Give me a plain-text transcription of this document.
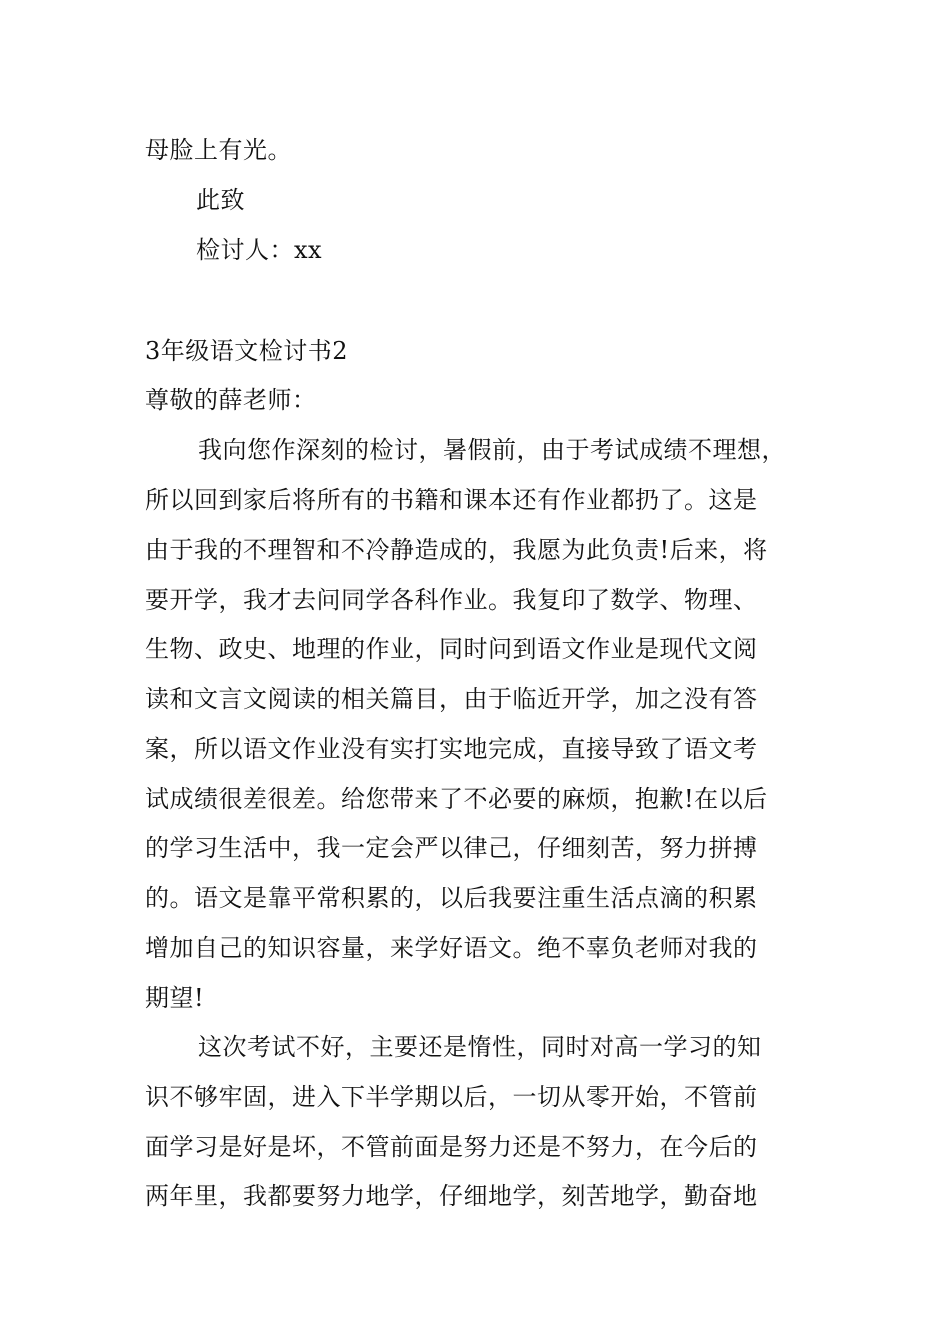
母脸上有光。
此致
检讨人：xx
3年级语文检讨书2
尊敬的薛老师：
我向您作深刻的检讨，暑假前，由于考试成绩不理想，
所以回到家后将所有的书籍和课本还有作业都扔了。这是
由于我的不理智和不冷静造成的，我愿为此负责!后来，将
要开学，我才去问同学各科作业。我复印了数学、物理、
生物、政史、地理的作业，同时问到语文作业是现代文阅
读和文言文阅读的相关篇目，由于临近开学，加之没有答
案，所以语文作业没有实打实地完成，直接导致了语文考
试成绩很差很差。给您带来了不必要的麻烦，抱歉!在以后
的学习生活中，我一定会严以律己，仔细刻苦，努力拼搏
的。语文是靠平常积累的，以后我要注重生活点滴的积累
增加自己的知识容量，来学好语文。绝不辜负老师对我的
期望!
这次考试不好，主要还是惰性，同时对高一学习的知
识不够牢固，进入下半学期以后，一切从零开始，不管前
面学习是好是坏，不管前面是努力还是不努力，在今后的
两年里，我都要努力地学，仔细地学，刻苦地学，勤奋地
